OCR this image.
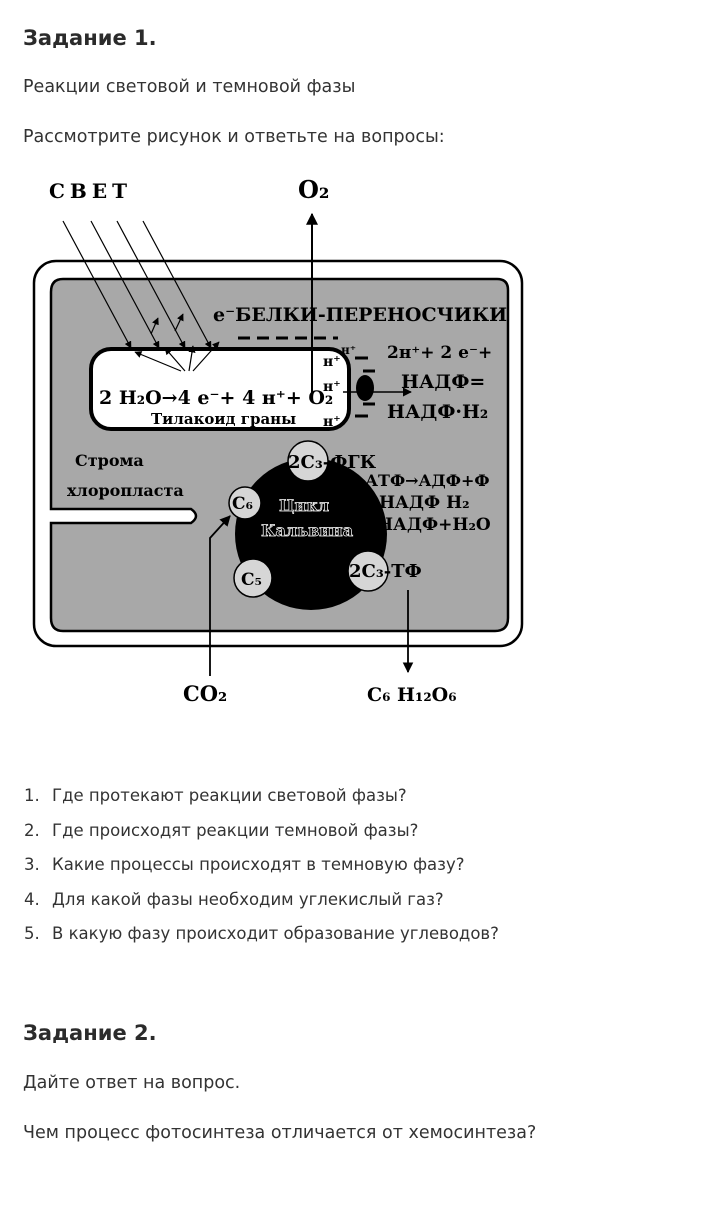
Задание 1.

Реакции световой и темновой фазы

Рассмотрите рисунок и ответьте на вопросы:

СВЕТ	O₂
е⁻БЕЛКИ-ПЕРЕНОСЧИКИ
2 H₂O→4 е⁻+ 4 н⁺+ O₂
Тилакоид граны
н⁺
н⁺
н⁺
н⁺ 2н⁺+ 2 е⁻+
НАДФ=
НАДФ·Н₂
Строма
хлоропласта
Цикл
Кальвина
2С₃-ФГК
С₆
С₅	2С₃-ТФ
АТФ→АДФ+Ф
НАДФ Н₂
НАДФ+Н₂О
CO₂	С₆ Н₁₂О₆
1. Где протекают реакции световой фазы?
2. Где происходят реакции темновой фазы?
3. Какие процессы происходят в темновую фазу?
4. Для какой фазы необходим углекислый газ?
5. В какую фазу происходит образование углеводов?
Задание 2.

Дайте ответ на вопрос.

Чем процесс фотосинтеза отличается от хемосинтеза?
